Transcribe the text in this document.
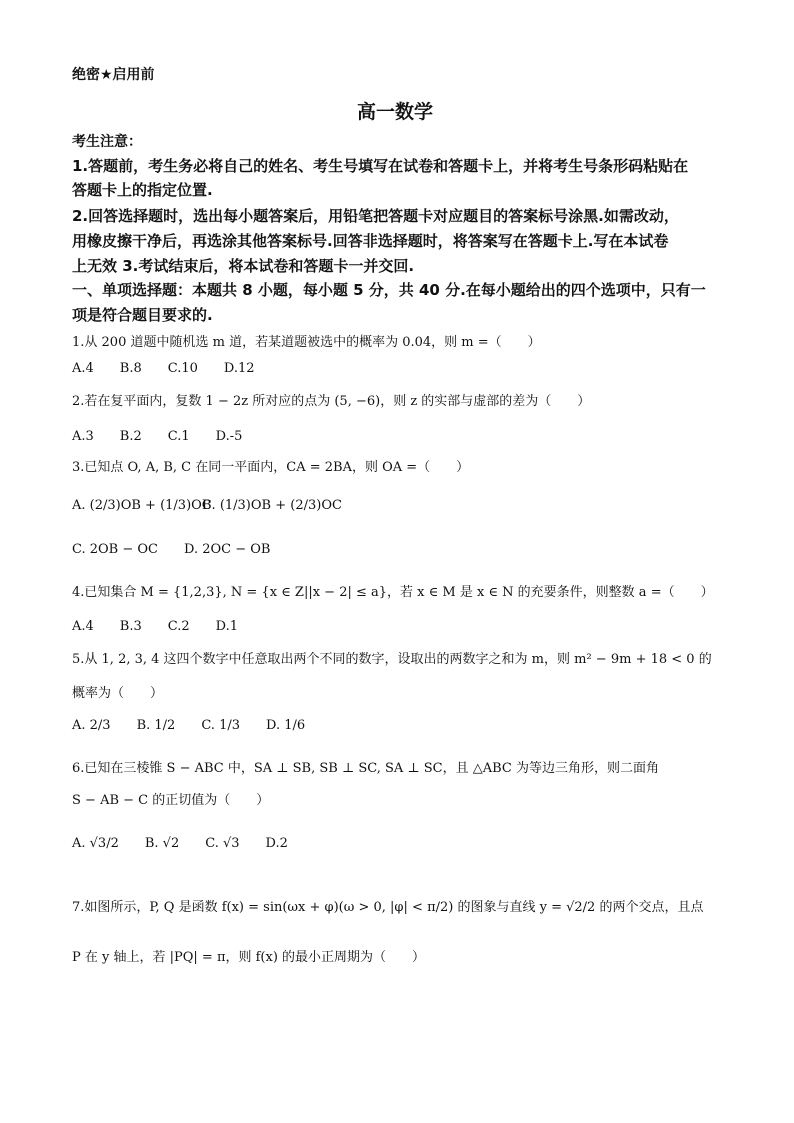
绝密★启用前
高一数学
考生注意：
1.答题前，考生务必将自己的姓名、考生号填写在试卷和答题卡上，并将考生号条形码粘贴在
答题卡上的指定位置.
2.回答选择题时，选出每小题答案后，用铅笔把答题卡对应题目的答案标号涂黑.如需改动，
用橡皮擦干净后，再选涂其他答案标号.回答非选择题时，将答案写在答题卡上.写在本试卷
上无效 3.考试结束后，将本试卷和答题卡一并交回.
一、单项选择题：本题共 8 小题，每小题 5 分，共 40 分.在每小题给出的四个选项中，只有一
项是符合题目要求的.
1.从 200 道题中随机选 m 道，若某道题被选中的概率为 0.04，则 m =（　　）
A.4　　B.8　　C.10　　D.12
2.若在复平面内，复数 1 − 2z 所对应的点为 (5, −6)，则 z 的实部与虚部的差为（　　）
A.3　　B.2　　C.1　　D.-5
3.已知点 O, A, B, C 在同一平面内，CA = 2BA，则 OA =（　　）
A. (2/3)OB + (1/3)OC
B. (1/3)OB + (2/3)OC
C. 2OB − OC D. 2OC − OB
4.已知集合 M = {1,2,3}, N = {x ∈ Z||x − 2| ≤ a}，若 x ∈ M 是 x ∈ N 的充要条件，则整数 a =（　　）
A.4　　B.3　　C.2　　D.1
5.从 1, 2, 3, 4 这四个数字中任意取出两个不同的数字，设取出的两数字之和为 m，则 m² − 9m + 18 < 0 的
概率为（　　）
A. 2/3　　B. 1/2　　C. 1/3　　D. 1/6
6.已知在三棱锥 S − ABC 中，SA ⊥ SB, SB ⊥ SC, SA ⊥ SC，且 △ABC 为等边三角形，则二面角
S − AB − C 的正切值为（　　）
A. √3/2　　B. √2　　C. √3　　D.2
7.如图所示，P, Q 是函数 f(x) = sin(ωx + φ)(ω > 0, |φ| < π/2) 的图象与直线 y = √2/2 的两个交点，且点
P 在 y 轴上，若 |PQ| = π，则 f(x) 的最小正周期为（　　）
